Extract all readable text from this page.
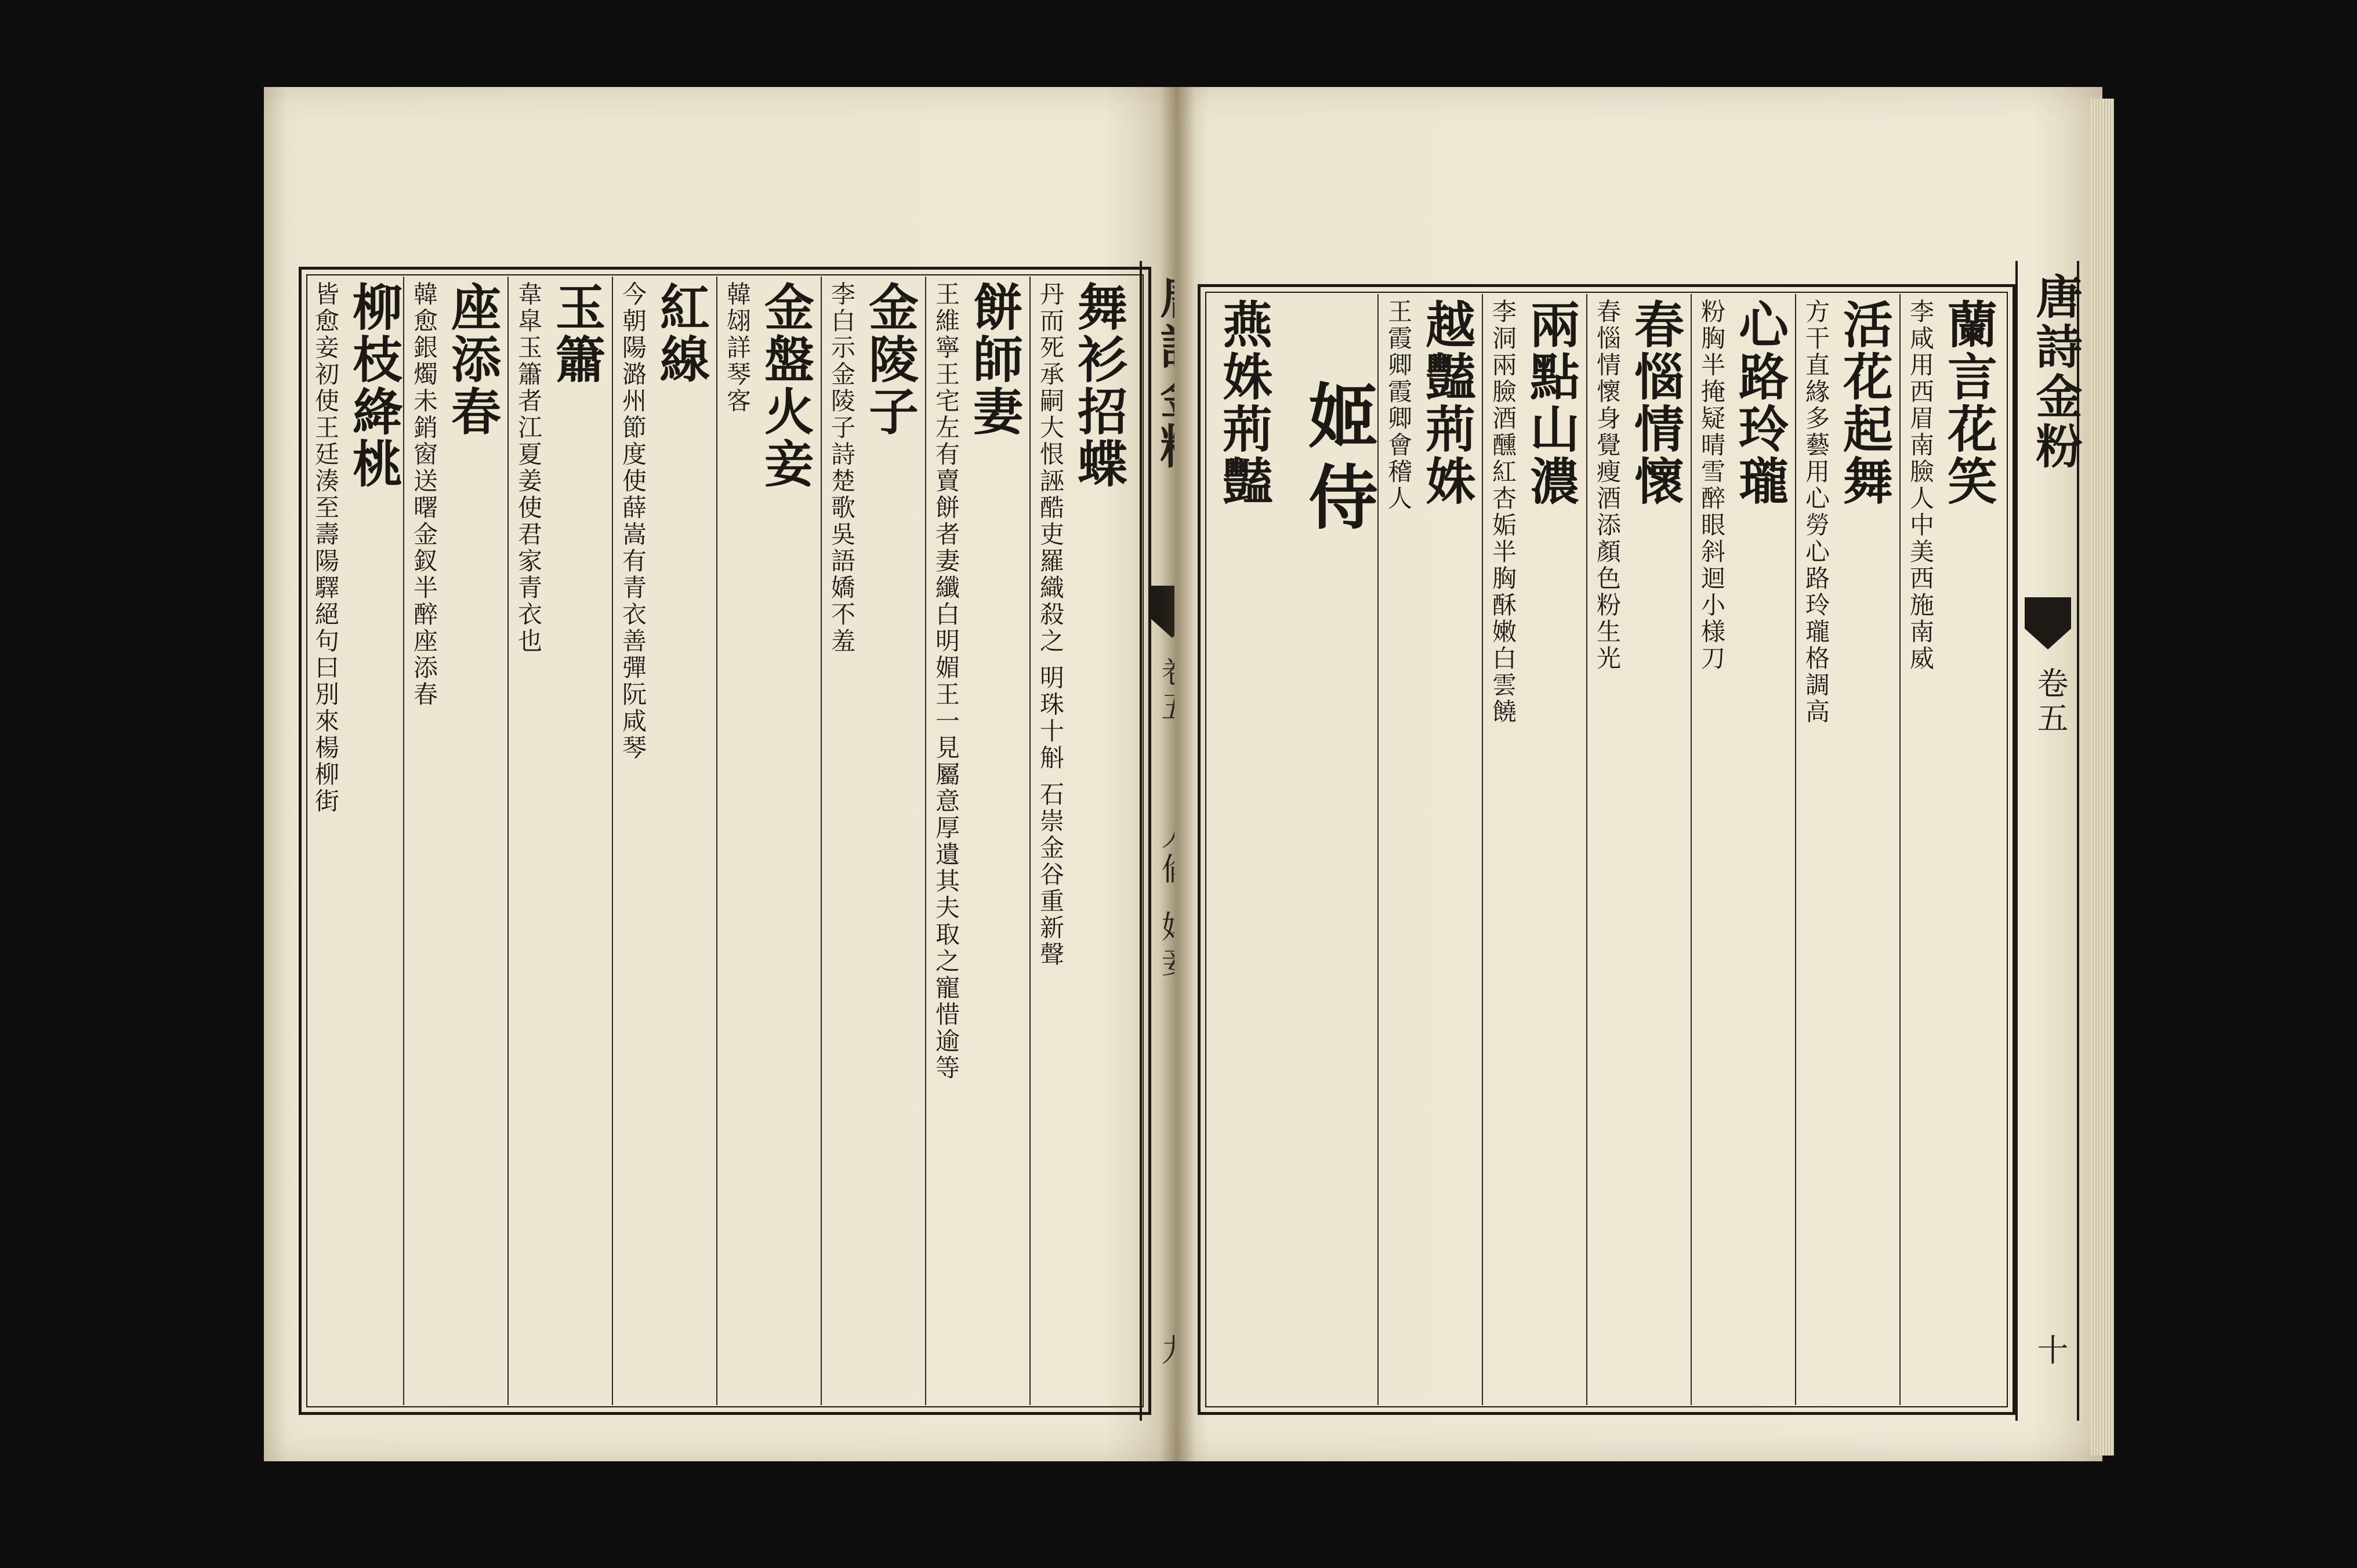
舞衫招蝶
丹而死承嗣大恨誣酷吏羅織殺之 明珠十斛 石崇金谷重新聲
餅師妻
王維寧王宅左有賣餅者妻纖白明媚王一見屬意厚遺其夫取之寵惜逾等
金陵子
李白示金陵子詩楚歌吳語嬌不羞
金盤火妾
韓翃詳琴客
紅線
今朝陽潞州節度使薛嵩有青衣善彈阮咸琴
玉簫
韋皐玉簫者江夏姜使君家青衣也
座添春
韓愈銀燭未銷窗送曙金釵半醉座添春
柳枝絳桃
皆愈妾初使王廷湊至壽陽驛絕句曰別來楊柳街	蘭言花笑
李咸用西眉南臉人中美西施南威
活花起舞
方干直緣多藝用心勞心路玲瓏格調高
心路玲瓏
粉胸半掩疑晴雪醉眼斜迴小様刀
春惱情懷
春惱情懷身覺瘦酒添顏色粉生光
兩點山濃
李洞兩臉酒醺紅杏姤半胸酥嫩白雲饒
越豔荊姝
王霞卿霞卿會稽人
姬侍
燕姝荊豔	唐詩金粉
卷五
十
